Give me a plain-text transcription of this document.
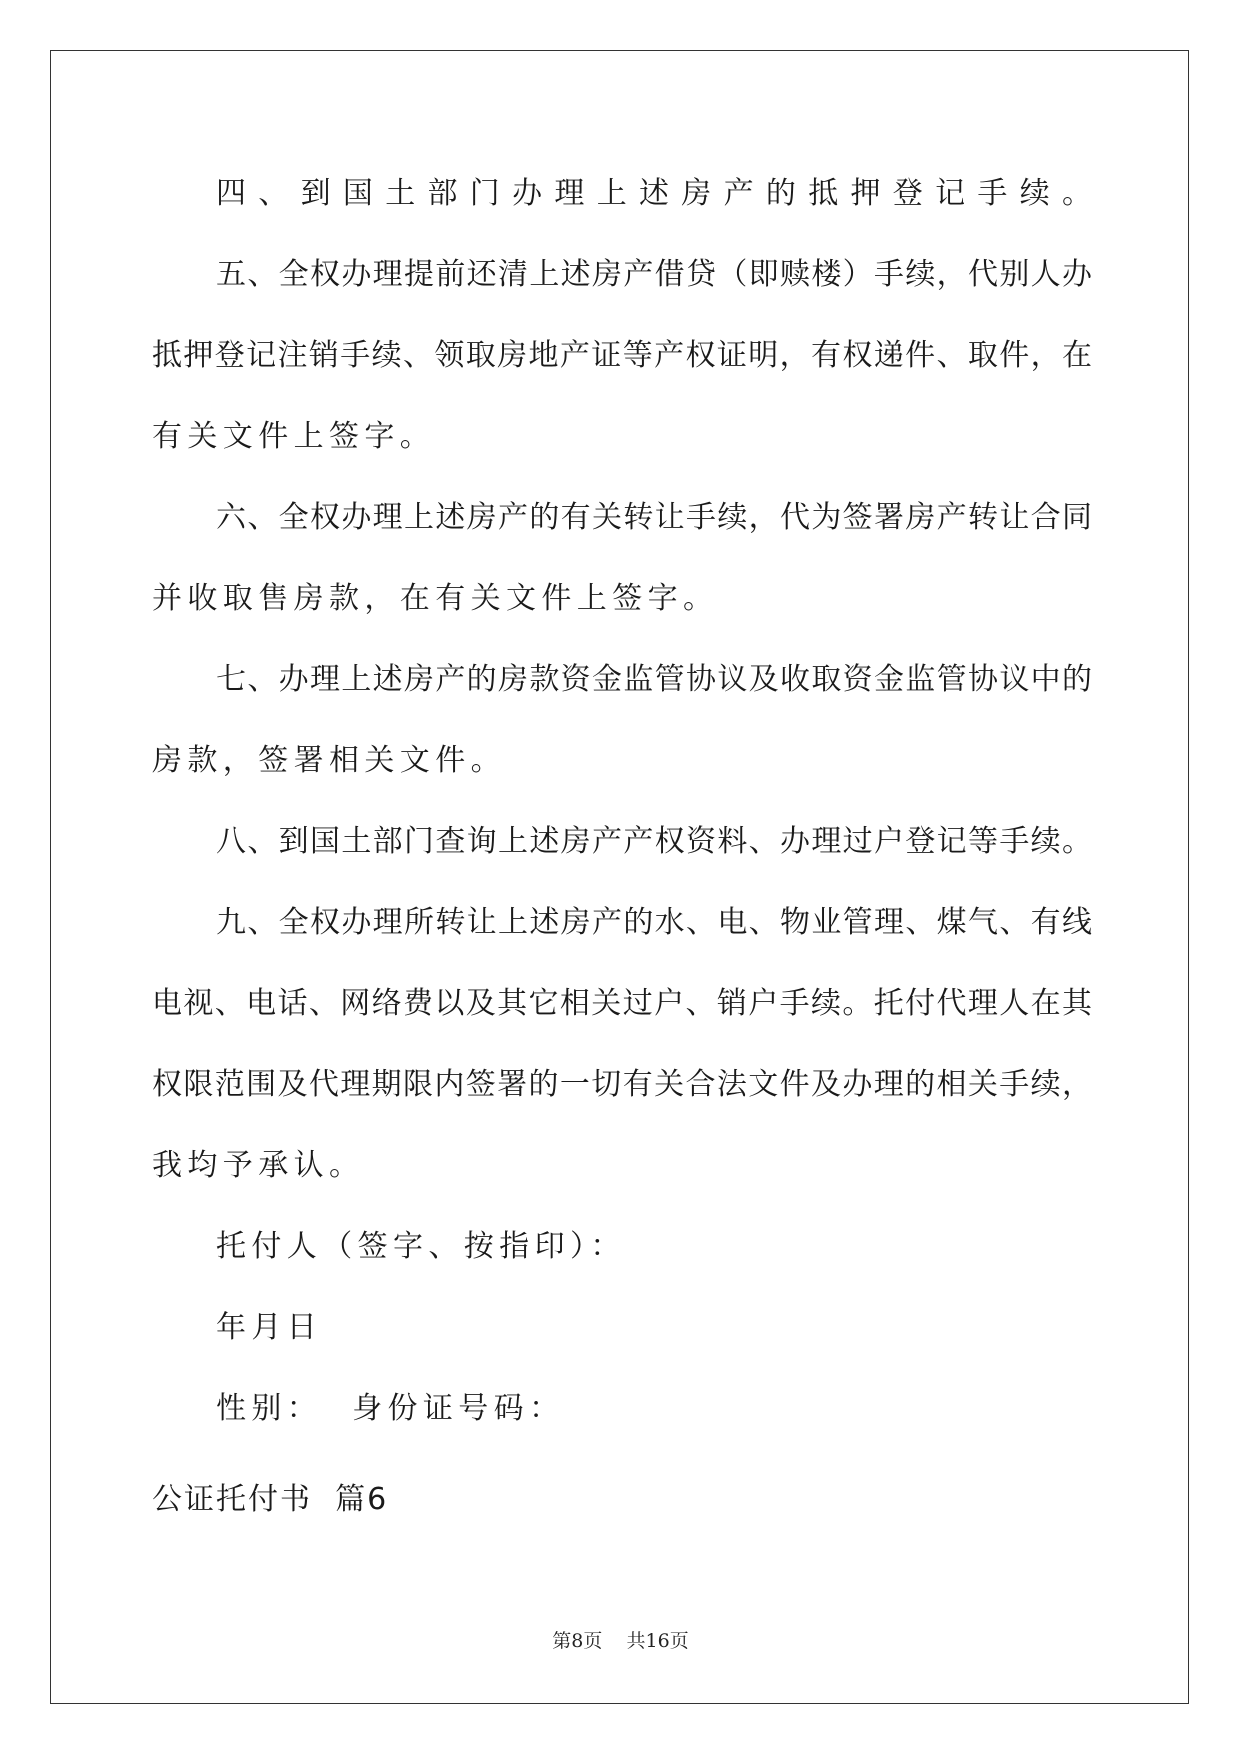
四、到国土部门办理上述房产的抵押登记手续。
五、全权办理提前还清上述房产借贷（即赎楼）手续，代别人办
抵押登记注销手续、领取房地产证等产权证明，有权递件、取件，在
有关文件上签字。
六、全权办理上述房产的有关转让手续，代为签署房产转让合同
并收取售房款，在有关文件上签字。
七、办理上述房产的房款资金监管协议及收取资金监管协议中的
房款，签署相关文件。
八、到国土部门查询上述房产产权资料、办理过户登记等手续。
九、全权办理所转让上述房产的水、电、物业管理、煤气、有线
电视、电话、网络费以及其它相关过户、销户手续。托付代理人在其
权限范围及代理期限内签署的一切有关合法文件及办理的相关手续，
我均予承认。
托付人（签字、按指印）：
年月日
性别：  身份证号码：
公证托付书  篇6
第8页 共16页
